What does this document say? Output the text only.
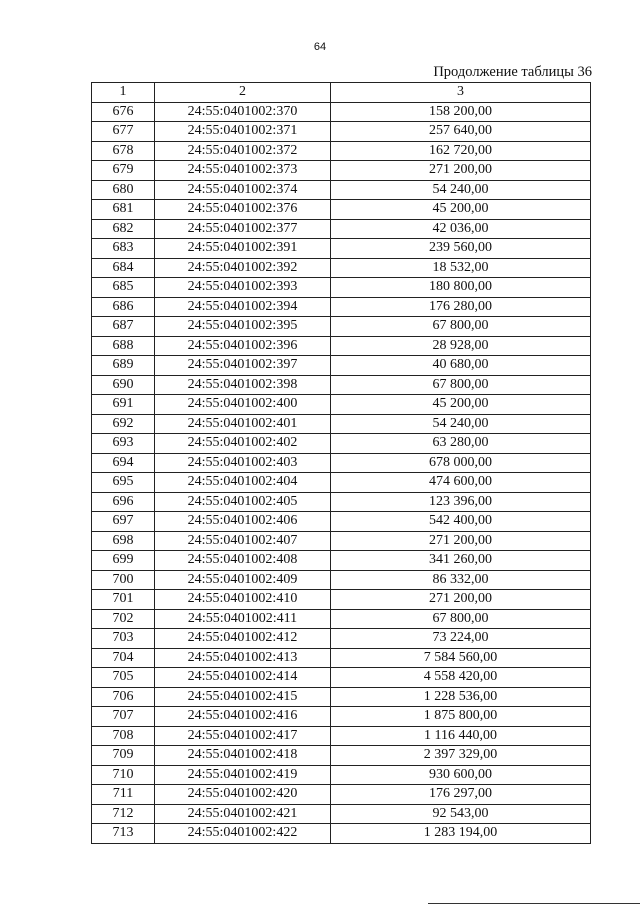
64
Продолжение таблицы 36
1	2	3
676	24:55:0401002:370	158 200,00
677	24:55:0401002:371	257 640,00
678	24:55:0401002:372	162 720,00
679	24:55:0401002:373	271 200,00
680	24:55:0401002:374	54 240,00
681	24:55:0401002:376	45 200,00
682	24:55:0401002:377	42 036,00
683	24:55:0401002:391	239 560,00
684	24:55:0401002:392	18 532,00
685	24:55:0401002:393	180 800,00
686	24:55:0401002:394	176 280,00
687	24:55:0401002:395	67 800,00
688	24:55:0401002:396	28 928,00
689	24:55:0401002:397	40 680,00
690	24:55:0401002:398	67 800,00
691	24:55:0401002:400	45 200,00
692	24:55:0401002:401	54 240,00
693	24:55:0401002:402	63 280,00
694	24:55:0401002:403	678 000,00
695	24:55:0401002:404	474 600,00
696	24:55:0401002:405	123 396,00
697	24:55:0401002:406	542 400,00
698	24:55:0401002:407	271 200,00
699	24:55:0401002:408	341 260,00
700	24:55:0401002:409	86 332,00
701	24:55:0401002:410	271 200,00
702	24:55:0401002:411	67 800,00
703	24:55:0401002:412	73 224,00
704	24:55:0401002:413	7 584 560,00
705	24:55:0401002:414	4 558 420,00
706	24:55:0401002:415	1 228 536,00
707	24:55:0401002:416	1 875 800,00
708	24:55:0401002:417	1 116 440,00
709	24:55:0401002:418	2 397 329,00
710	24:55:0401002:419	930 600,00
711	24:55:0401002:420	176 297,00
712	24:55:0401002:421	92 543,00
713	24:55:0401002:422	1 283 194,00
